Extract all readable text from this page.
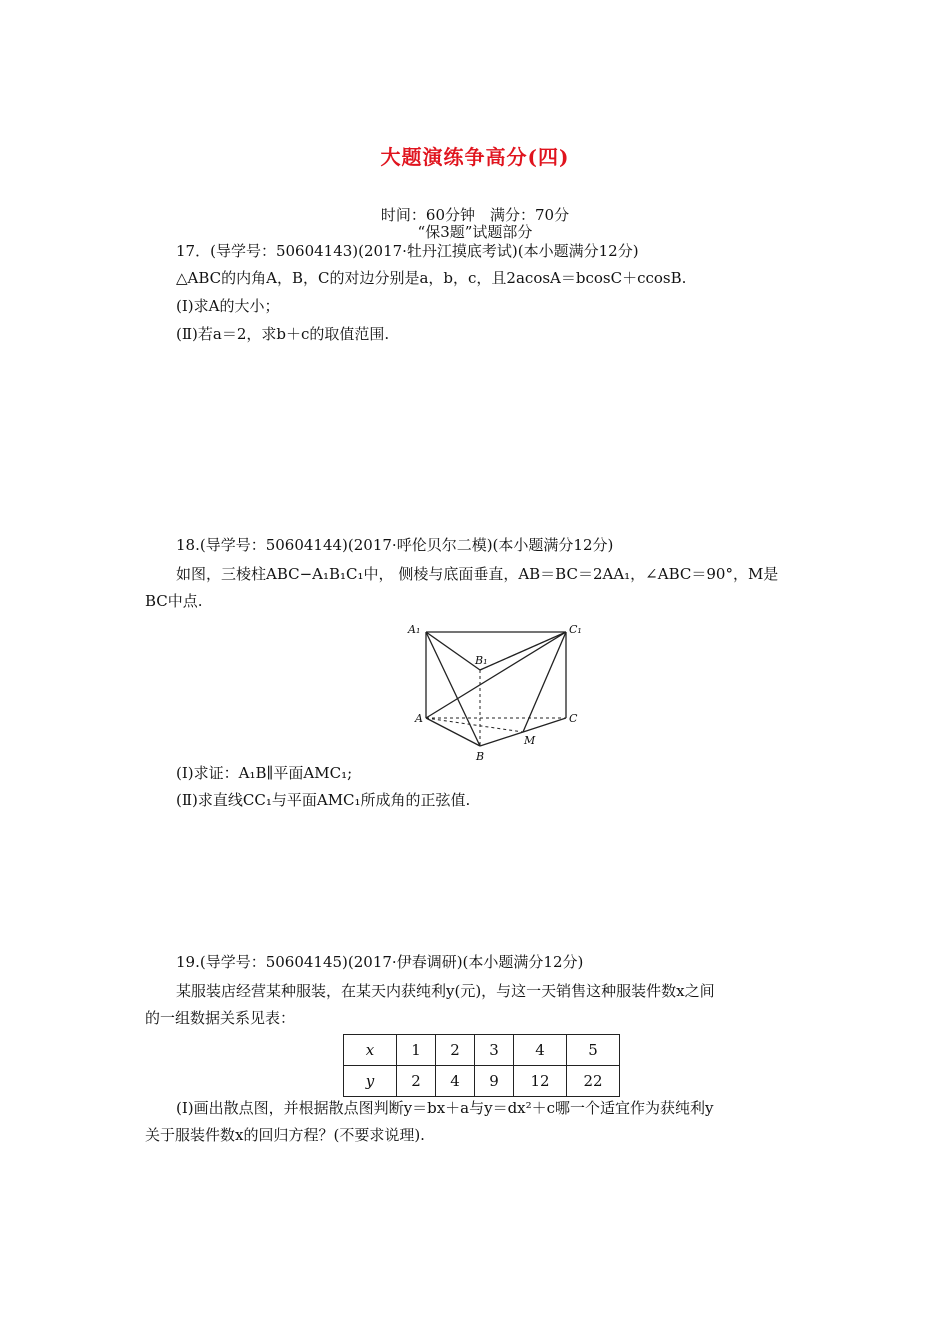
大题演练争高分(四)
时间：60分钟　满分：70分
“保3题”试题部分
17．(导学号：50604143)(2017·牡丹江摸底考试)(本小题满分12分)
△ABC的内角A，B，C的对边分别是a，b，c，且2acosA＝bcosC＋ccosB.
(Ⅰ)求A的大小；
(Ⅱ)若a＝2，求b＋c的取值范围.
18.(导学号：50604144)(2017·呼伦贝尔二模)(本小题满分12分)
如图，三棱柱ABC−A₁B₁C₁中， 侧棱与底面垂直，AB＝BC＝2AA₁，∠ABC＝90°，M是
BC中点.
A₁	C₁
B₁
A	C
M
B
(Ⅰ)求证：A₁B∥平面AMC₁;
(Ⅱ)求直线CC₁与平面AMC₁所成角的正弦值.
19.(导学号：50604145)(2017·伊春调研)(本小题满分12分)
某服装店经营某种服装，在某天内获纯利y(元)，与这一天销售这种服装件数x之间
的一组数据关系见表：
x	1	2	3	4	5
y	2	4	9	12	22
(Ⅰ)画出散点图，并根据散点图判断y＝bx＋a与y＝dx²＋c哪一个适宜作为获纯利y
关于服装件数x的回归方程？(不要求说理).
